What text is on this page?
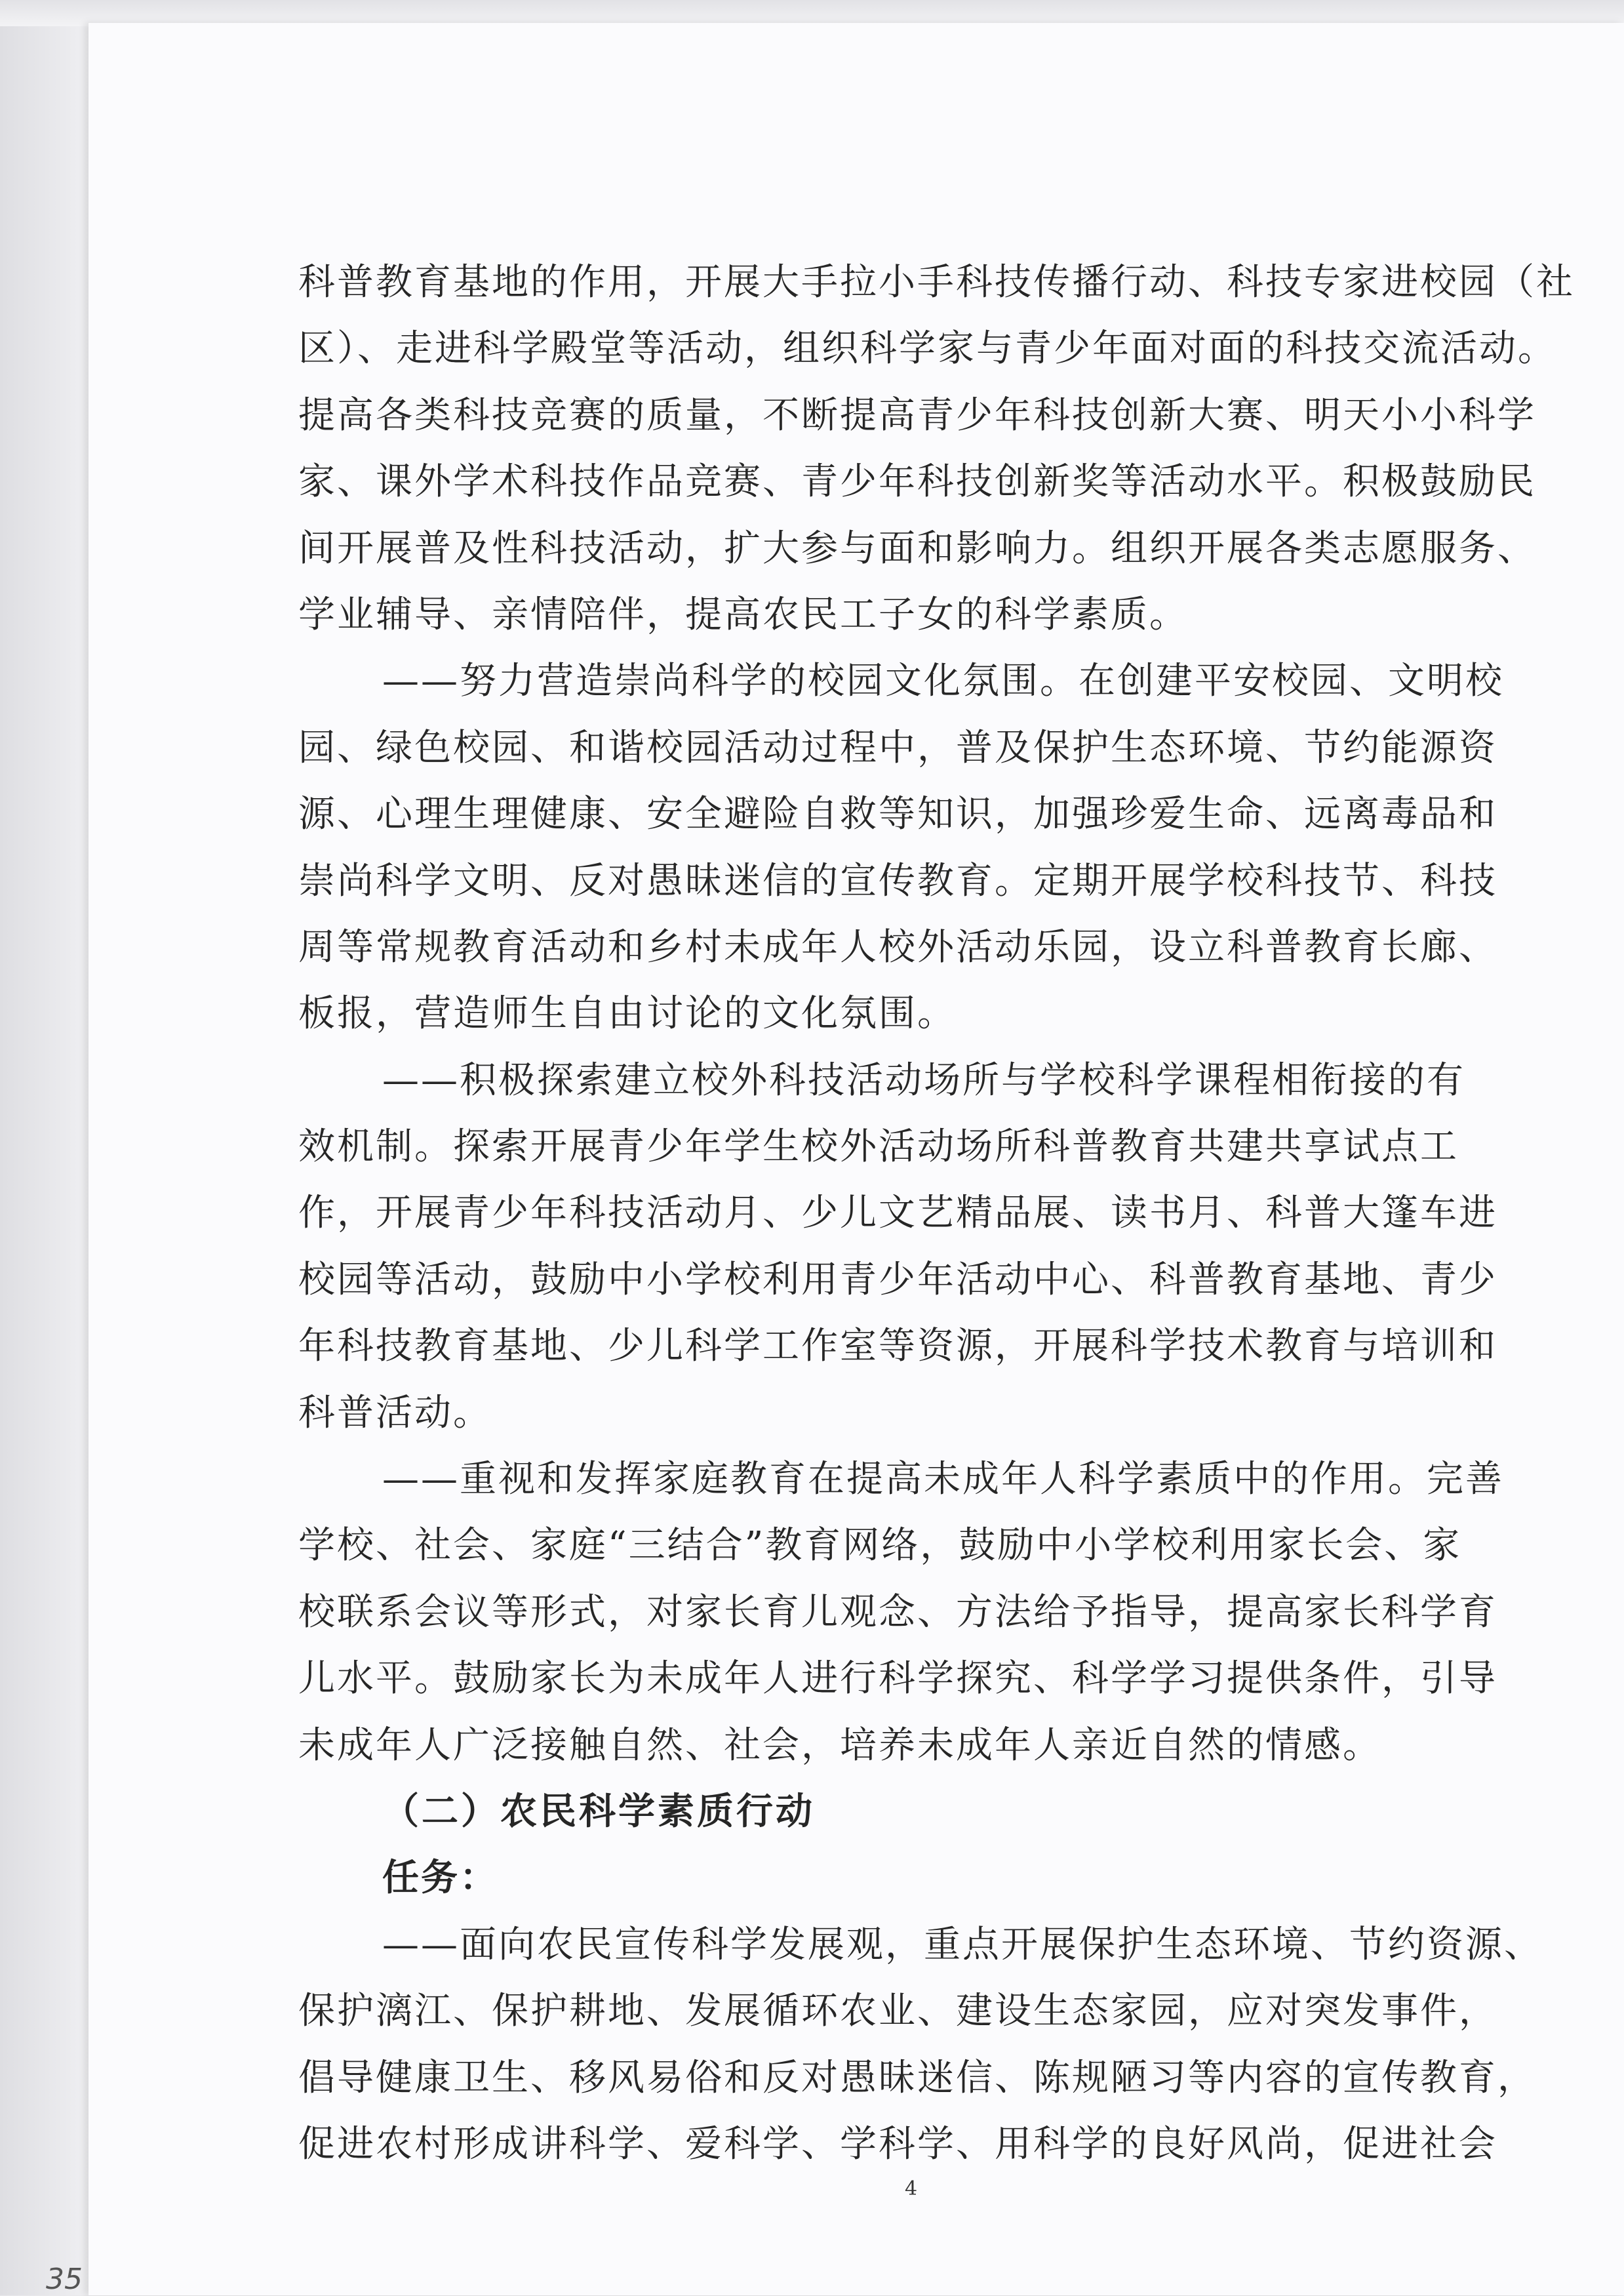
科普教育基地的作用，开展大手拉小手科技传播行动、科技专家进校园（社
区）、走进科学殿堂等活动，组织科学家与青少年面对面的科技交流活动。
提高各类科技竞赛的质量，不断提高青少年科技创新大赛、明天小小科学
家、课外学术科技作品竞赛、青少年科技创新奖等活动水平。积极鼓励民
间开展普及性科技活动，扩大参与面和影响力。组织开展各类志愿服务、
学业辅导、亲情陪伴，提高农民工子女的科学素质。
——努力营造崇尚科学的校园文化氛围。在创建平安校园、文明校
园、绿色校园、和谐校园活动过程中，普及保护生态环境、节约能源资
源、心理生理健康、安全避险自救等知识，加强珍爱生命、远离毒品和
崇尚科学文明、反对愚昧迷信的宣传教育。定期开展学校科技节、科技
周等常规教育活动和乡村未成年人校外活动乐园，设立科普教育长廊、
板报，营造师生自由讨论的文化氛围。
——积极探索建立校外科技活动场所与学校科学课程相衔接的有
效机制。探索开展青少年学生校外活动场所科普教育共建共享试点工
作，开展青少年科技活动月、少儿文艺精品展、读书月、科普大篷车进
校园等活动，鼓励中小学校利用青少年活动中心、科普教育基地、青少
年科技教育基地、少儿科学工作室等资源，开展科学技术教育与培训和
科普活动。
——重视和发挥家庭教育在提高未成年人科学素质中的作用。完善
学校、社会、家庭“三结合”教育网络，鼓励中小学校利用家长会、家
校联系会议等形式，对家长育儿观念、方法给予指导，提高家长科学育
儿水平。鼓励家长为未成年人进行科学探究、科学学习提供条件，引导
未成年人广泛接触自然、社会，培养未成年人亲近自然的情感。
（二）农民科学素质行动
任务：
——面向农民宣传科学发展观，重点开展保护生态环境、节约资源、
保护漓江、保护耕地、发展循环农业、建设生态家园，应对突发事件，
倡导健康卫生、移风易俗和反对愚昧迷信、陈规陋习等内容的宣传教育，
促进农村形成讲科学、爱科学、学科学、用科学的良好风尚，促进社会
4
35
